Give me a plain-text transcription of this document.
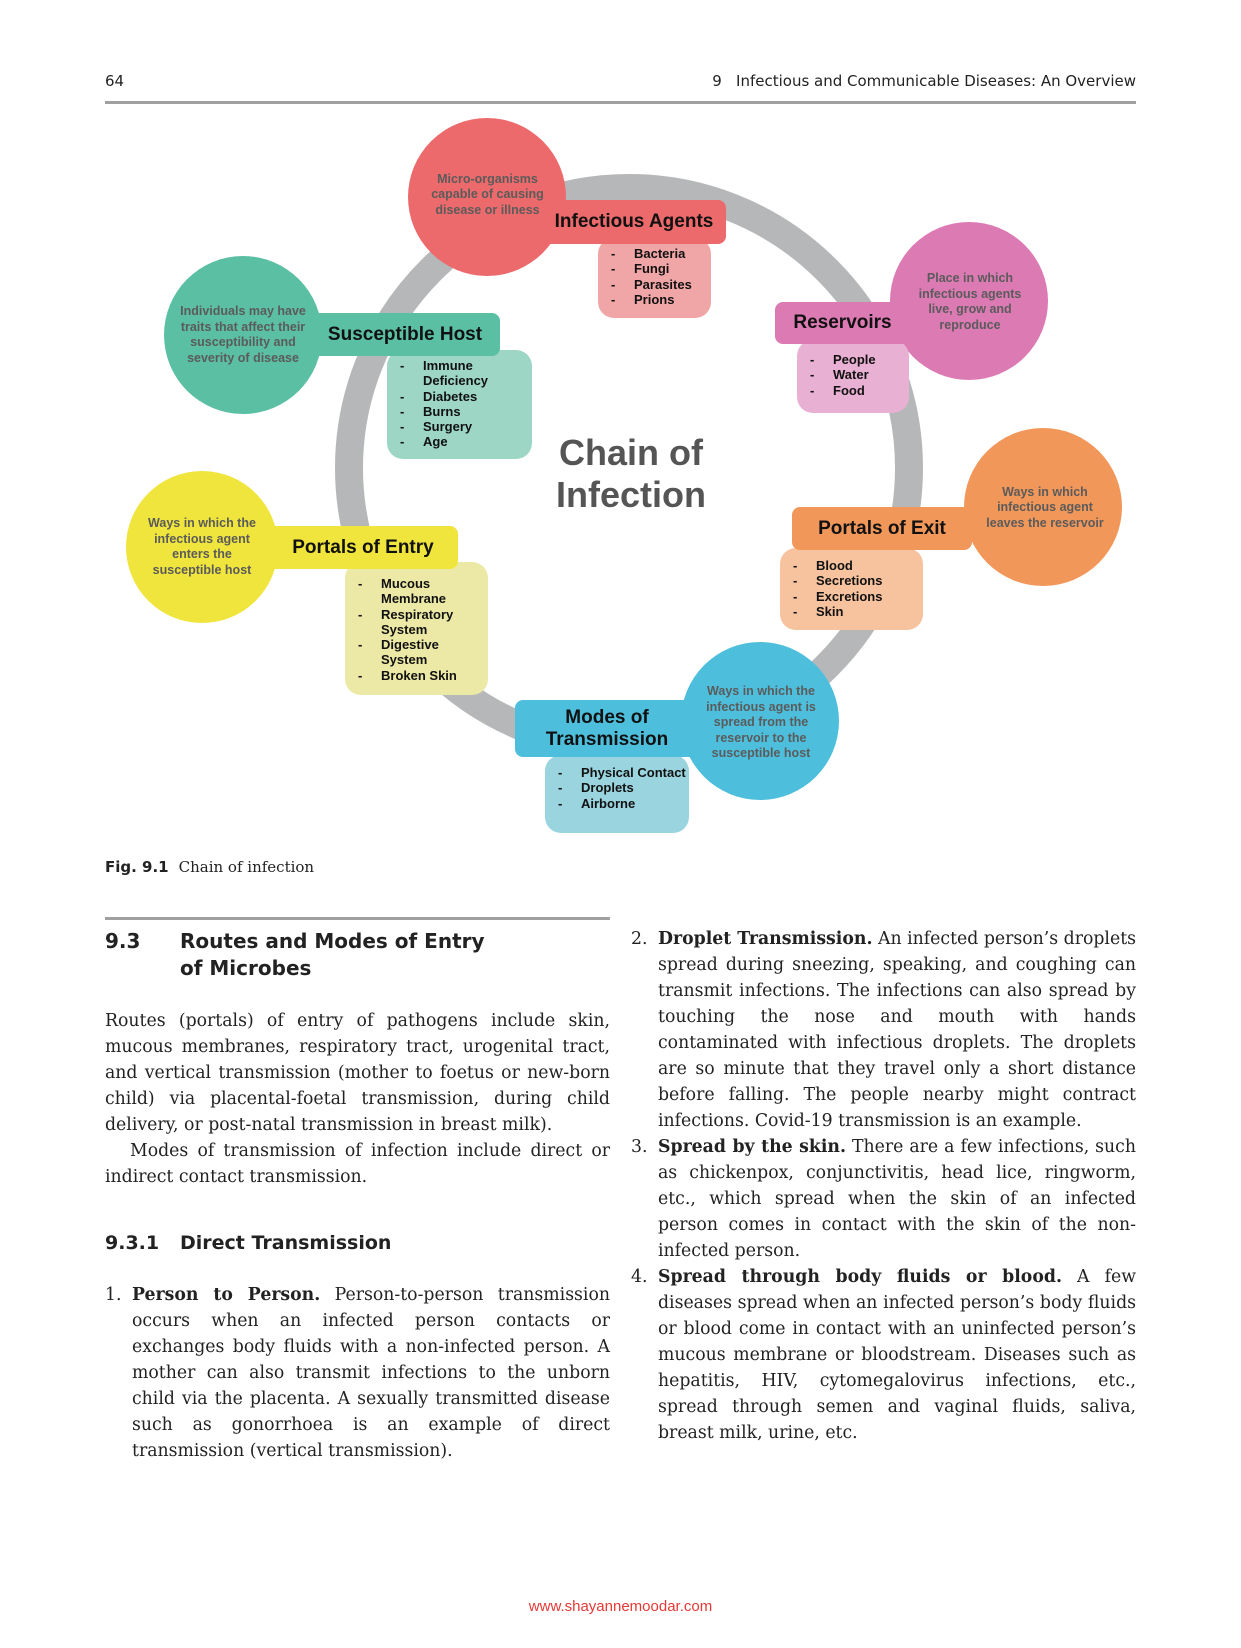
64	9   Infectious and Communicable Diseases: An Overview
- Bacteria
- Fungi
- Parasites
- Prions
Infectious Agents
Micro-organisms capable of causing disease or illness
- People
- Water
- Food
Reservoirs
Place in which infectious agents live, grow and reproduce
- Blood
- Secretions
- Excretions
- Skin
Portals of Exit
Ways in which infectious agent leaves the reservoir
- Physical Contact
- Droplets
- Airborne
Modes of Transmission
Ways in which the infectious agent is spread from the reservoir to the susceptible host
- Mucous Membrane
- Respiratory System
- Digestive System
- Broken Skin
Portals of Entry
Ways in which the infectious agent enters the susceptible host
- Immune Deficiency
- Diabetes
- Burns
- Surgery
- Age
Susceptible Host
Individuals may have traits that affect their susceptibility and severity of disease
Chain of
Infection
Fig. 9.1 Chain of infection
9.3	Routes and Modes of Entry
of Microbes
Routes (portals) of entry of pathogens include skin, mucous membranes, respiratory tract, urogenital tract, and vertical transmission (mother to foetus or new-born child) via placental-foetal transmission, during child delivery, or post-natal transmission in breast milk).
Modes of transmission of infection include direct or indirect contact transmission.
9.3.1	Direct Transmission
1. Person to Person. Person-to-person transmission occurs when an infected person contacts or exchanges body fluids with a non-infected person. A mother can also transmit infections to the unborn child via the placenta. A sexually transmitted disease such as gonorrhoea is an example of direct transmission (vertical transmission).
2. Droplet Transmission. An infected person’s droplets spread during sneezing, speaking, and coughing can transmit infections. The infections can also spread by touching the nose and mouth with hands contaminated with infectious droplets. The droplets are so minute that they travel only a short distance before falling. The people nearby might contract infections. Covid-19 transmission is an example.
3. Spread by the skin. There are a few infections, such as chickenpox, conjunctivitis, head lice, ringworm, etc., which spread when the skin of an infected person comes in contact with the skin of the non-infected person.
4. Spread through body fluids or blood. A few diseases spread when an infected person’s body fluids or blood come in contact with an uninfected person’s mucous membrane or bloodstream. Diseases such as hepatitis, HIV, cytomegalovirus infections, etc., spread through semen and vaginal fluids, saliva, breast milk, urine, etc.
www.shayannemoodar.com
